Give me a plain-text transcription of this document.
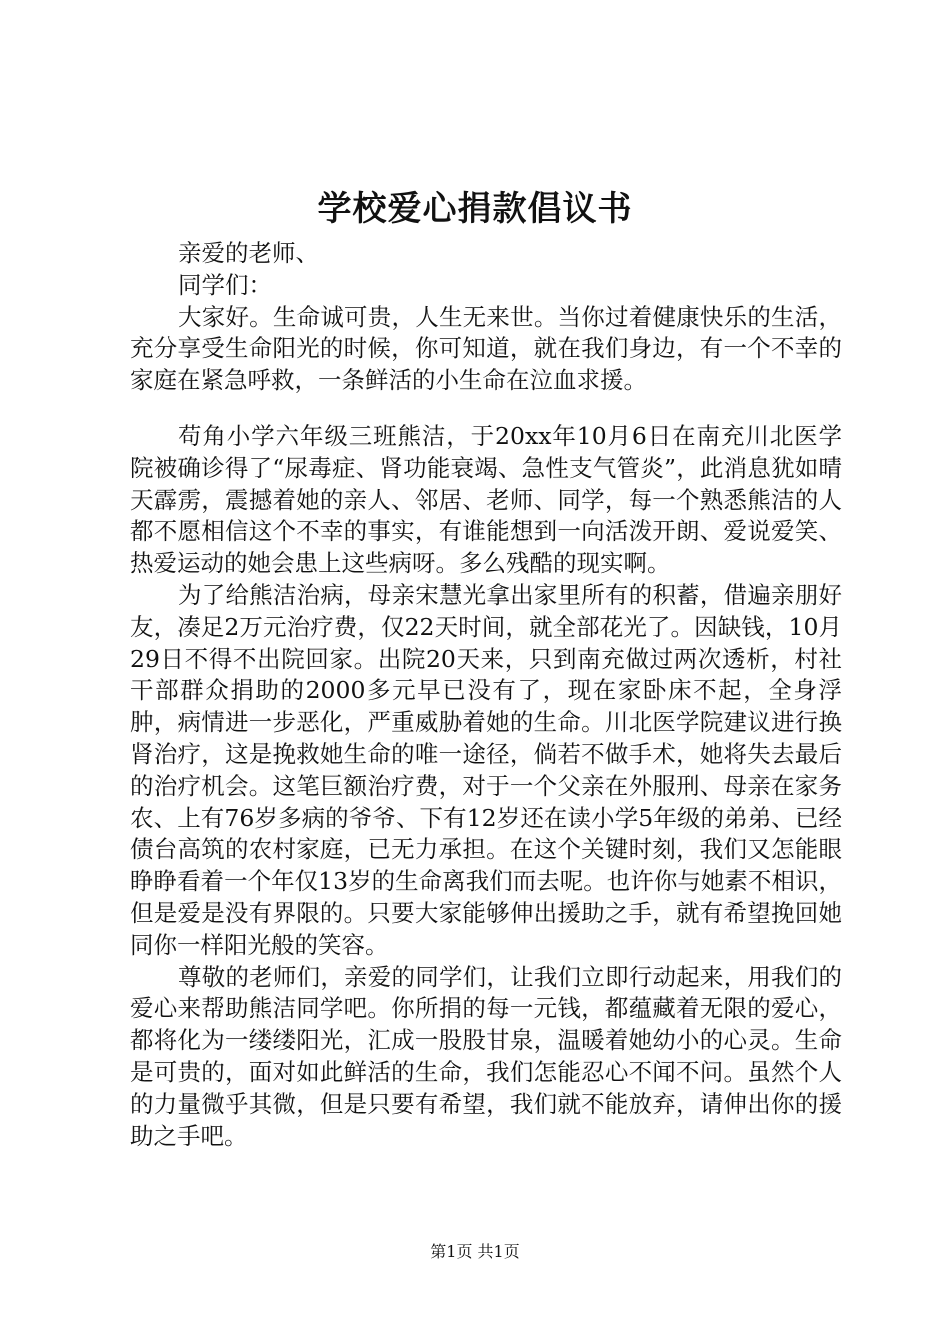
学校爱心捐款倡议书

亲爱的老师、

同学们：

大家好。生命诚可贵，人生无来世。当你过着健康快乐的生活，充分享受生命阳光的时候，你可知道，就在我们身边，有一个不幸的家庭在紧急呼救，一条鲜活的小生命在泣血求援。

苟角小学六年级三班熊洁，于20xx年10月6日在南充川北医学院被确诊得了“尿毒症、肾功能衰竭、急性支气管炎”，此消息犹如晴天霹雳，震撼着她的亲人、邻居、老师、同学，每一个熟悉熊洁的人都不愿相信这个不幸的事实，有谁能想到一向活泼开朗、爱说爱笑、热爱运动的她会患上这些病呀。多么残酷的现实啊。

为了给熊洁治病，母亲宋慧光拿出家里所有的积蓄，借遍亲朋好友，凑足2万元治疗费，仅22天时间，就全部花光了。因缺钱，10月29日不得不出院回家。出院20天来，只到南充做过两次透析，村社干部群众捐助的2000多元早已没有了，现在家卧床不起，全身浮肿，病情进一步恶化，严重威胁着她的生命。川北医学院建议进行换肾治疗，这是挽救她生命的唯一途径，倘若不做手术，她将失去最后的治疗机会。这笔巨额治疗费，对于一个父亲在外服刑、母亲在家务农、上有76岁多病的爷爷、下有12岁还在读小学5年级的弟弟、已经债台高筑的农村家庭，已无力承担。在这个关键时刻，我们又怎能眼睁睁看着一个年仅13岁的生命离我们而去呢。也许你与她素不相识，但是爱是没有界限的。只要大家能够伸出援助之手，就有希望挽回她同你一样阳光般的笑容。

尊敬的老师们，亲爱的同学们，让我们立即行动起来，用我们的爱心来帮助熊洁同学吧。你所捐的每一元钱，都蕴藏着无限的爱心，都将化为一缕缕阳光，汇成一股股甘泉，温暖着她幼小的心灵。生命是可贵的，面对如此鲜活的生命，我们怎能忍心不闻不问。虽然个人的力量微乎其微，但是只要有希望，我们就不能放弃，请伸出你的援助之手吧。

第1页 共1页
